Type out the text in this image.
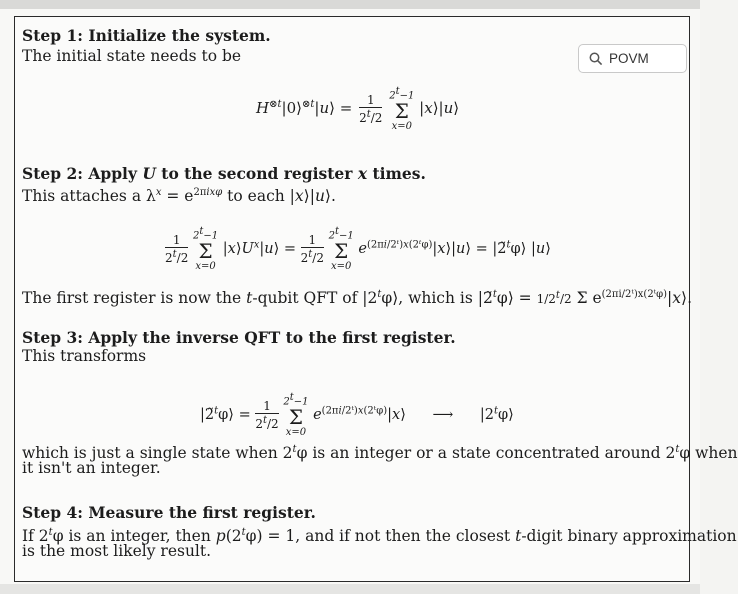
POVM
Step 1: Initialize the system.
The initial state needs to be
$H^{\otimes t}|0⟩^{\otimes t}|u⟩ = \frac{1}{2^t/2}$
$2^t-1$
Σ
x=0
|x⟩|u⟩
Step 2: Apply U to the second register x times.
This attaches a $\lambda^x = e^{2\pi ix\varphi}$ to each |x⟩|u⟩.
$\frac{1}{2^t/2}$
$2^t-1$
Σ
x=0
$|x⟩U^x|u⟩ = \frac{1}{2^t/2}$
$2^t-1$
Σ
x=0
$e^{(2\pi i/2ᵗ)x(2ᵗ\varphi)}|x⟩|u⟩$ = |2̃$^t$φ⟩ |u⟩
The first register is now the t-qubit QFT of |2$^t$φ⟩, which is |2̃$^t$φ⟩ = $1/2^t/2$ Σ $e^{(2\pi i/2ᵗ)x(2ᵗ\varphi)}|x⟩$.
Step 3: Apply the inverse QFT to the first register.
This transforms
|2̃$^t$φ⟩ = $\frac{1}{2^t/2}$
$2^t-1$
Σ
x=0
$e^{(2\pi i/2ᵗ)x(2ᵗ\varphi)}|x⟩$ ⟶ |2$^t$φ⟩
which is just a single state when 2$^t$φ is an integer or a state concentrated around 2$^t$φ when
it isn't an integer.
Step 4: Measure the first register.
If 2$^t$φ is an integer, then $p(2^t\varphi) = 1$, and if not then the closest t-digit binary approximation
is the most likely result.
